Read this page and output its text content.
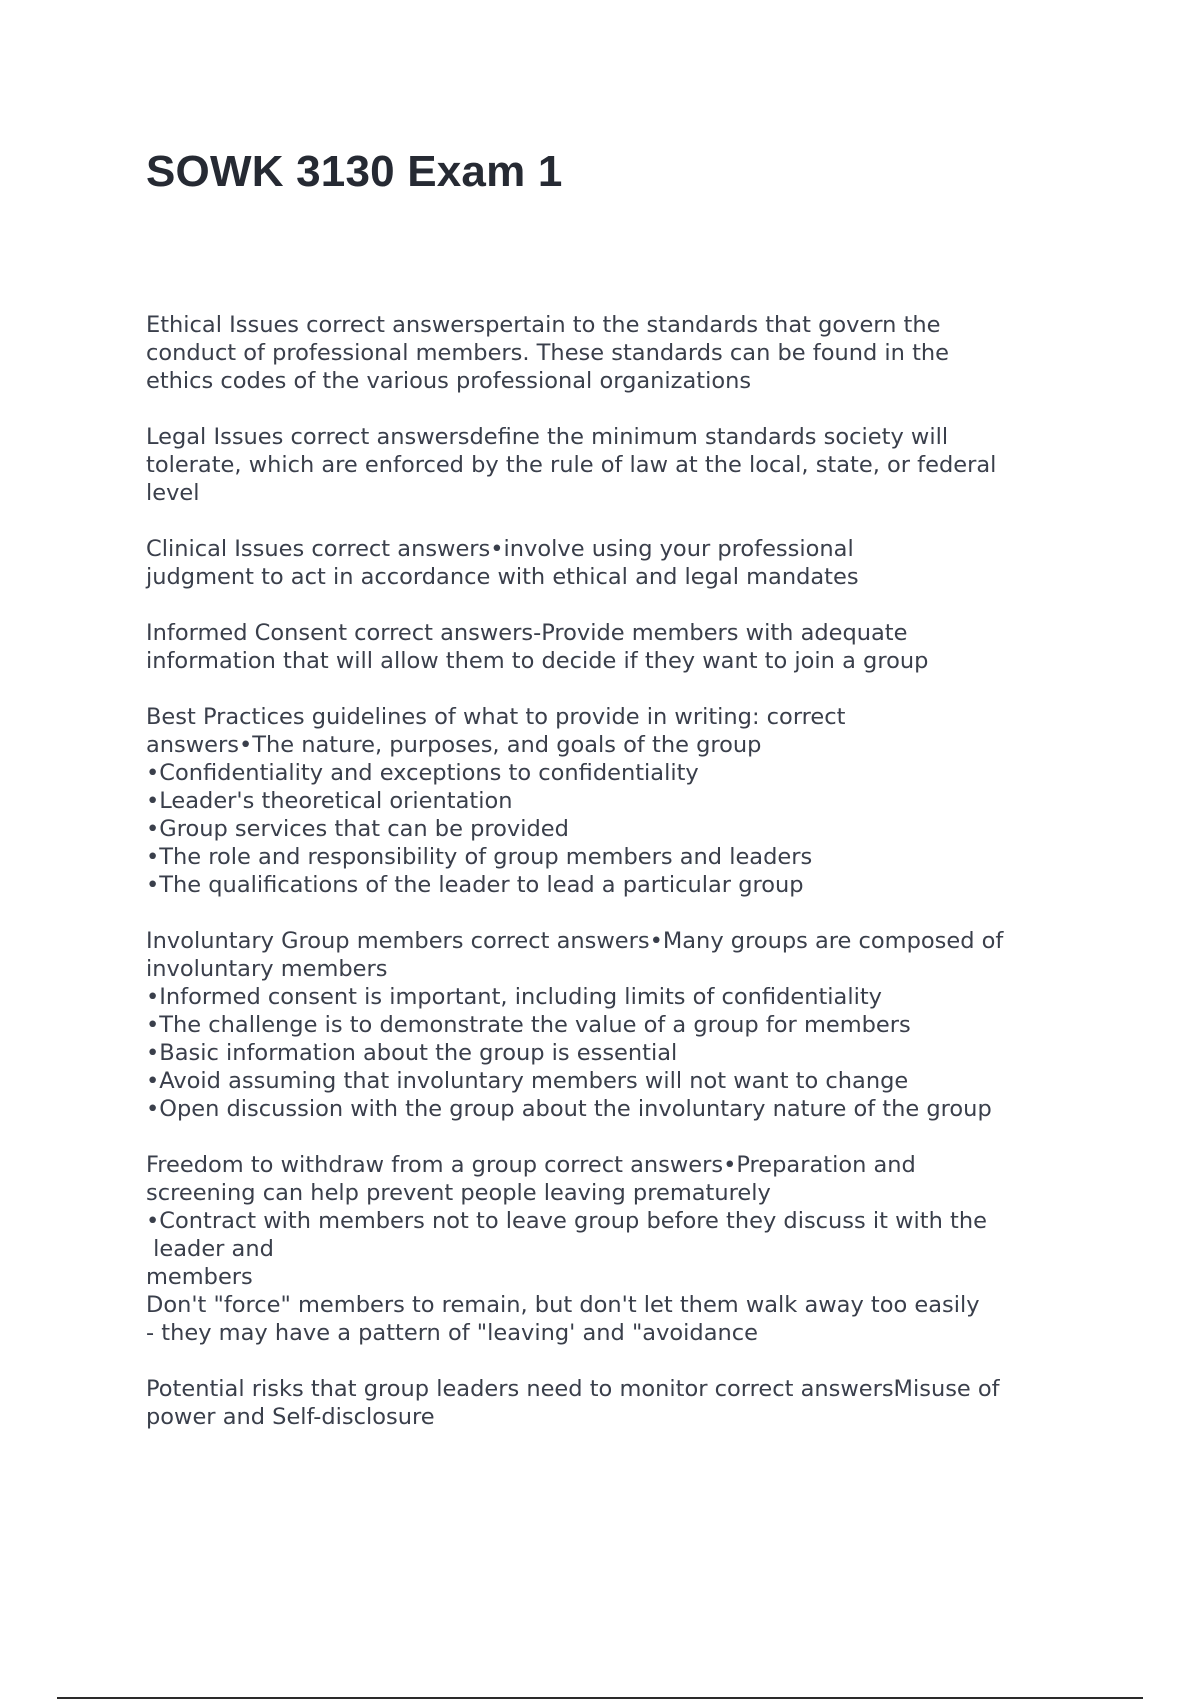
SOWK 3130 Exam 1
Ethical Issues correct answerspertain to the standards that govern the
conduct of professional members. These standards can be found in the
ethics codes of the various professional organizations
Legal Issues correct answersdefine the minimum standards society will
tolerate, which are enforced by the rule of law at the local, state, or federal
level
Clinical Issues correct answers•involve using your professional
judgment to act in accordance with ethical and legal mandates
Informed Consent correct answers-Provide members with adequate
information that will allow them to decide if they want to join a group
Best Practices guidelines of what to provide in writing: correct
answers•The nature, purposes, and goals of the group
•Confidentiality and exceptions to confidentiality
•Leader's theoretical orientation
•Group services that can be provided
•The role and responsibility of group members and leaders
•The qualifications of the leader to lead a particular group
Involuntary Group members correct answers•Many groups are composed of
involuntary members
•Informed consent is important, including limits of confidentiality
•The challenge is to demonstrate the value of a group for members
•Basic information about the group is essential
•Avoid assuming that involuntary members will not want to change
•Open discussion with the group about the involuntary nature of the group
Freedom to withdraw from a group correct answers•Preparation and
screening can help prevent people leaving prematurely
•Contract with members not to leave group before they discuss it with the
leader and
members
Don't "force" members to remain, but don't let them walk away too easily
- they may have a pattern of "leaving' and "avoidance
Potential risks that group leaders need to monitor correct answersMisuse of
power and Self-disclosure
